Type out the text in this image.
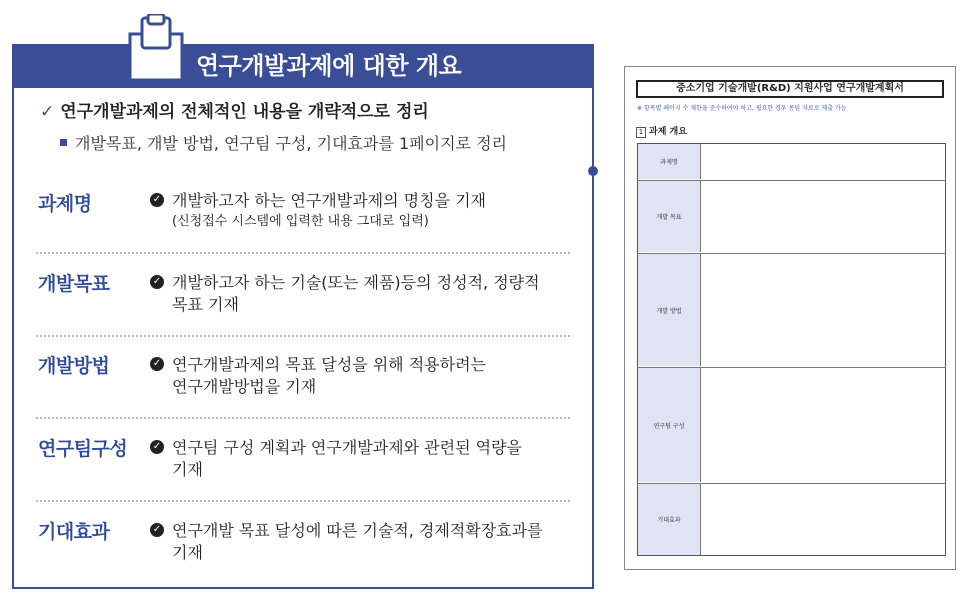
연구개발과제에 대한 개요
✓ 연구개발과제의 전체적인 내용을 개략적으로 정리
개발목표, 개발 방법, 연구팀 구성, 기대효과를 1페이지로 정리
과제명	✓ 개발하고자 하는 연구개발과제의 명칭을 기재
(신청접수 시스템에 입력한 내용 그대로 입력)
개발목표	✓ 개발하고자 하는 기술(또는 제품)등의 정성적, 정량적
목표 기재
개발방법	✓ 연구개발과제의 목표 달성을 위해 적용하려는
연구개발방법을 기재
연구팀구성	✓ 연구팀 구성 계획과 연구개발과제와 관련된 역량을
기재
기대효과	✓ 연구개발 목표 달성에 따른 기술적, 경제적확장효과를
기재
중소기업 기술개발(R&D) 지원사업 연구개발계획서
※ 항목별 페이지 수 제한을 준수하여야 하고, 필요한 경우 몽임 자료로 제출 가능
1 과제 개요
과제명
개발 목표
개발 방법
연구팀 구성
기대효과
